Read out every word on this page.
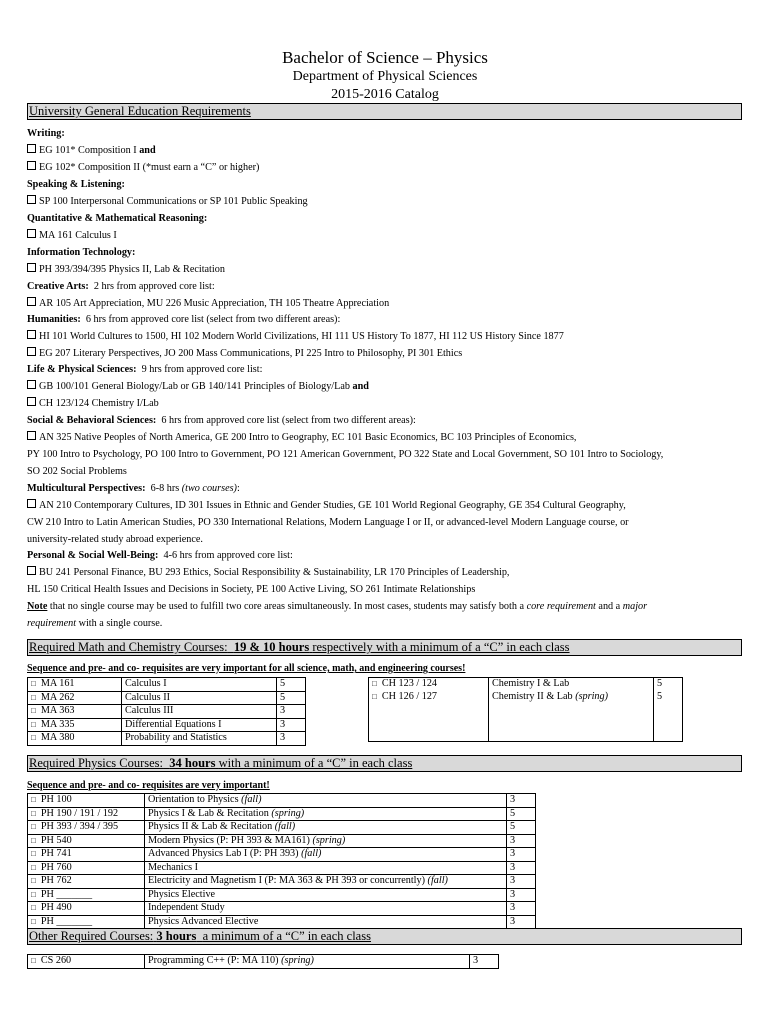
Bachelor of Science – Physics
Department of Physical Sciences
2015-2016 Catalog
University General Education Requirements
Writing:
EG 101* Composition I and
EG 102* Composition II (*must earn a “C” or higher)
Speaking & Listening:
SP 100 Interpersonal Communications or SP 101 Public Speaking
Quantitative & Mathematical Reasoning:
MA 161 Calculus I
Information Technology:
PH 393/394/395 Physics II, Lab & Recitation
Creative Arts: 2 hrs from approved core list:
AR 105 Art Appreciation, MU 226 Music Appreciation, TH 105 Theatre Appreciation
Humanities: 6 hrs from approved core list (select from two different areas):
HI 101 World Cultures to 1500, HI 102 Modern World Civilizations, HI 111 US History To 1877, HI 112 US History Since 1877
EG 207 Literary Perspectives, JO 200 Mass Communications, PI 225 Intro to Philosophy, PI 301 Ethics
Life & Physical Sciences: 9 hrs from approved core list:
GB 100/101 General Biology/Lab or GB 140/141 Principles of Biology/Lab and
CH 123/124 Chemistry I/Lab
Social & Behavioral Sciences: 6 hrs from approved core list (select from two different areas):
AN 325 Native Peoples of North America, GE 200 Intro to Geography, EC 101 Basic Economics, BC 103 Principles of Economics,
PY 100 Intro to Psychology, PO 100 Intro to Government, PO 121 American Government, PO 322 State and Local Government, SO 101 Intro to Sociology,
SO 202 Social Problems
Multicultural Perspectives: 6-8 hrs (two courses):
AN 210 Contemporary Cultures, ID 301 Issues in Ethnic and Gender Studies, GE 101 World Regional Geography, GE 354 Cultural Geography,
CW 210 Intro to Latin American Studies, PO 330 International Relations, Modern Language I or II, or advanced-level Modern Language course, or
university-related study abroad experience.
Personal & Social Well-Being: 4-6 hrs from approved core list:
BU 241 Personal Finance, BU 293 Ethics, Social Responsibility & Sustainability, LR 170 Principles of Leadership,
HL 150 Critical Health Issues and Decisions in Society, PE 100 Active Living, SO 261 Intimate Relationships
Note that no single course may be used to fulfill two core areas simultaneously. In most cases, students may satisfy both a core requirement and a major
requirement with a single course.
Required Math and Chemistry Courses: 19 & 10 hours respectively with a minimum of a “C” in each class
Sequence and pre- and co- requisites are very important for all science, math, and engineering courses!
□ MA 161	Calculus I	5
□ MA 262	Calculus II	5
□ MA 363	Calculus III	3
□ MA 335	Differential Equations I	3
□ MA 380	Probability and Statistics	3
□ CH 123 / 124	Chemistry I & Lab	5
□ CH 126 / 127	Chemistry II & Lab (spring)	5

Required Physics Courses: 34 hours with a minimum of a “C” in each class
Sequence and pre- and co- requisites are very important!
□ PH 100	Orientation to Physics (fall)	3
□ PH 190 / 191 / 192	Physics I & Lab & Recitation (spring)	5
□ PH 393 / 394 / 395	Physics II & Lab & Recitation (fall)	5
□ PH 540	Modern Physics (P: PH 393 & MA161) (spring)	3
□ PH 741	Advanced Physics Lab I (P: PH 393) (fall)	3
□ PH 760	Mechanics I	3
□ PH 762	Electricity and Magnetism I (P: MA 363 & PH 393 or concurrently) (fall)	3
□ PH _______	Physics Elective	3
□ PH 490	Independent Study	3
□ PH _______	Physics Advanced Elective	3
Other Required Courses: 3 hours a minimum of a “C” in each class
□ CS 260	Programming C++ (P: MA 110) (spring)	3
